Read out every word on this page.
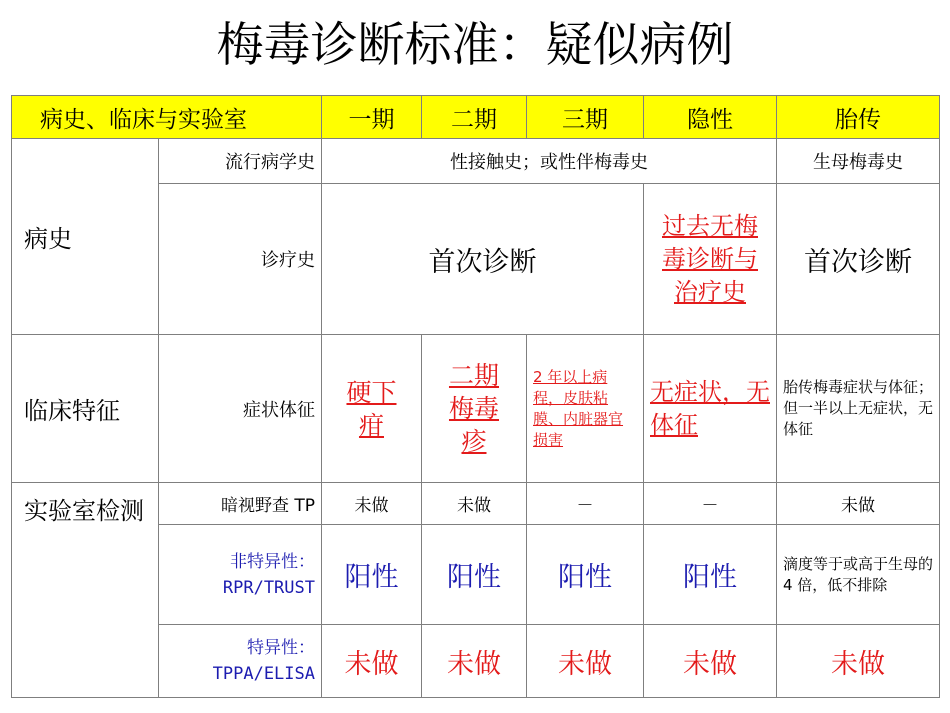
梅毒诊断标准：疑似病例
病史、临床与实验室		一期	二期	三期	隐性	胎传
病史	流行病学史	性接触史；或性伴梅毒史				生母梅毒史
	诊疗史	首次诊断			过去无梅毒诊断与治疗史	首次诊断
临床特征	症状体征	硬下疳	二期梅毒疹	2 年以上病程，皮肤粘膜、内脏器官损害	无症状，无体征	胎传梅毒症状与体征；但一半以上无症状，无体征
实验室检测	暗视野查 TP	未做	未做	－	－	未做
	非特异性： RPR/TRUST	阳性	阳性	阳性	阳性	滴度等于或高于生母的 4 倍，低不排除
	特异性： TPPA/ELISA	未做	未做	未做	未做	未做
